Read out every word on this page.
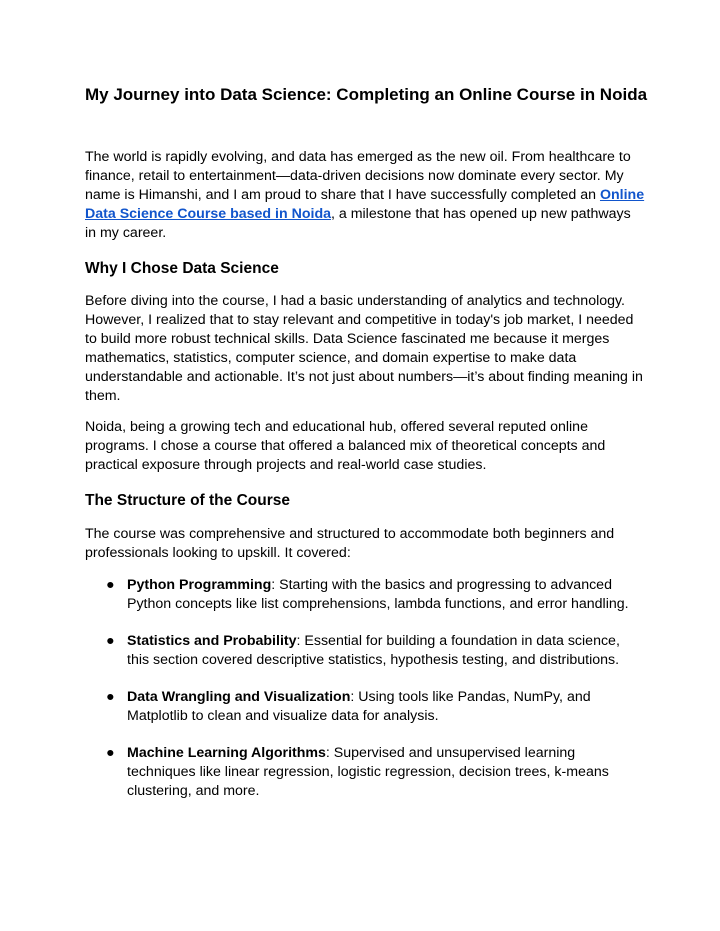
My Journey into Data Science: Completing an Online Course in Noida

The world is rapidly evolving, and data has emerged as the new oil. From healthcare to finance, retail to entertainment—data-driven decisions now dominate every sector. My name is Himanshi, and I am proud to share that I have successfully completed an Online Data Science Course based in Noida, a milestone that has opened up new pathways in my career.

Why I Chose Data Science

Before diving into the course, I had a basic understanding of analytics and technology. However, I realized that to stay relevant and competitive in today's job market, I needed to build more robust technical skills. Data Science fascinated me because it merges mathematics, statistics, computer science, and domain expertise to make data understandable and actionable. It’s not just about numbers—it’s about finding meaning in them.

Noida, being a growing tech and educational hub, offered several reputed online programs. I chose a course that offered a balanced mix of theoretical concepts and practical exposure through projects and real-world case studies.

The Structure of the Course

The course was comprehensive and structured to accommodate both beginners and professionals looking to upskill. It covered:

● Python Programming: Starting with the basics and progressing to advanced Python concepts like list comprehensions, lambda functions, and error handling.
● Statistics and Probability: Essential for building a foundation in data science, this section covered descriptive statistics, hypothesis testing, and distributions.
● Data Wrangling and Visualization: Using tools like Pandas, NumPy, and Matplotlib to clean and visualize data for analysis.
● Machine Learning Algorithms: Supervised and unsupervised learning techniques like linear regression, logistic regression, decision trees, k-means clustering, and more.
